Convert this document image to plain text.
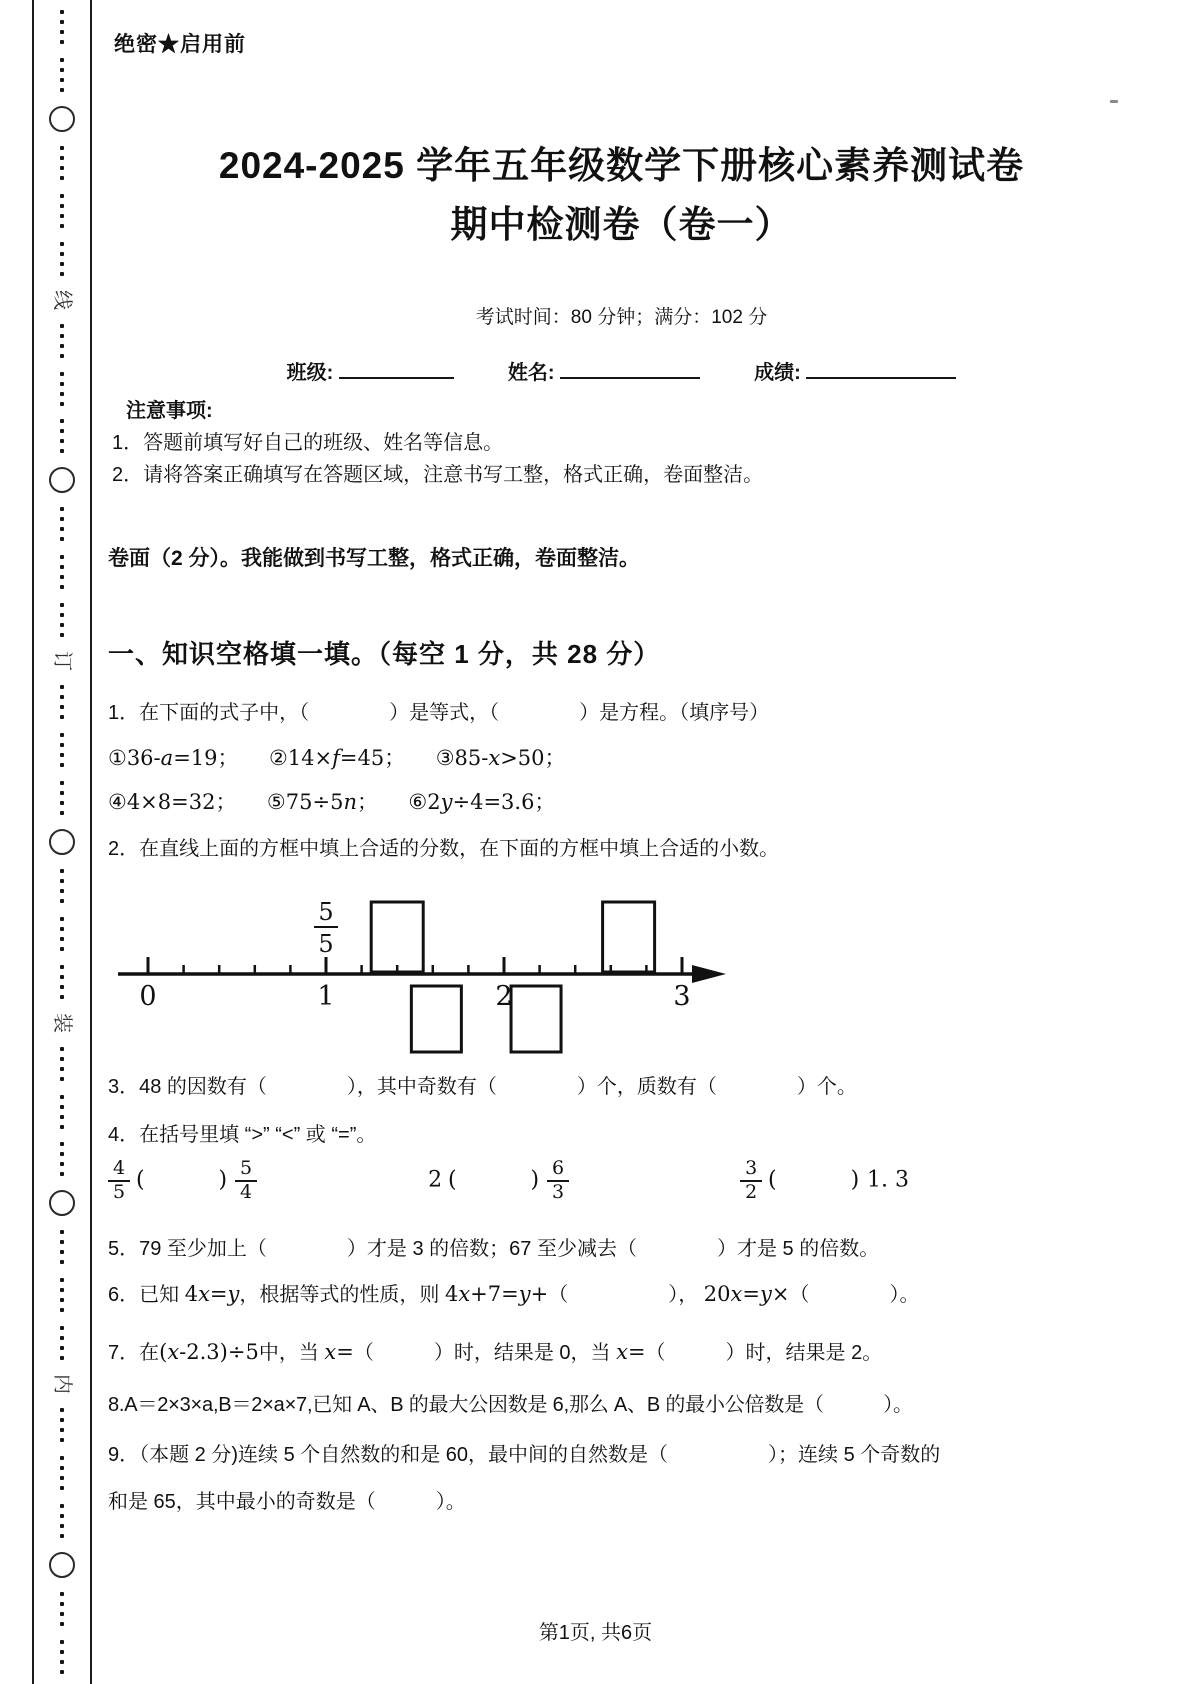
线
订
装
内
绝密★启用前
2024-2025 学年五年级数学下册核心素养测试卷
期中检测卷（卷一）
考试时间：80 分钟；满分：102 分
班级:	姓名:	成绩:
注意事项:
1．答题前填写好自己的班级、姓名等信息。
2．请将答案正确填写在答题区域，注意书写工整，格式正确，卷面整洁。
卷面（2 分）。我能做到书写工整，格式正确，卷面整洁。
一、知识空格填一填。（每空 1 分，共 28 分）
1．在下面的式子中，（　　　　）是等式，（　　　　）是方程。（填序号）
①36-a=19； ②14×f=45； ③85-x>50；
④4×8=32； ⑤75÷5n； ⑥2y÷4=3.6；
2．在直线上面的方框中填上合适的分数，在下面的方框中填上合适的小数。
0	1	2	3
5
5
3．48 的因数有（　　　　），其中奇数有（　　　　）个，质数有（　　　　）个。
4．在括号里填 “>” “<” 或 “=”。
$\frac{4}{5}$ (　　　) $\frac{5}{4}$	2 (　　　) $\frac{6}{3}$	$\frac{3}{2}$ (　　　) 1. 3
5．79 至少加上（　　　　）才是 3 的倍数；67 至少减去（　　　　）才是 5 的倍数。
6．已知 4x=y，根据等式的性质，则 4x+7=y+（　　　　　）， 20x=y×（　　　　）。
7．在(x-2.3)÷5中，当 x=（　　　）时，结果是 0，当 x=（　　　）时，结果是 2。
8.A＝2×3×a,B＝2×a×7,已知 A、B 的最大公因数是 6,那么 A、B 的最小公倍数是（　　　）。
9．（本题 2 分)连续 5 个自然数的和是 60，最中间的自然数是（　　　　　）；连续 5 个奇数的
和是 65，其中最小的奇数是（　　　）。
第1页, 共6页
